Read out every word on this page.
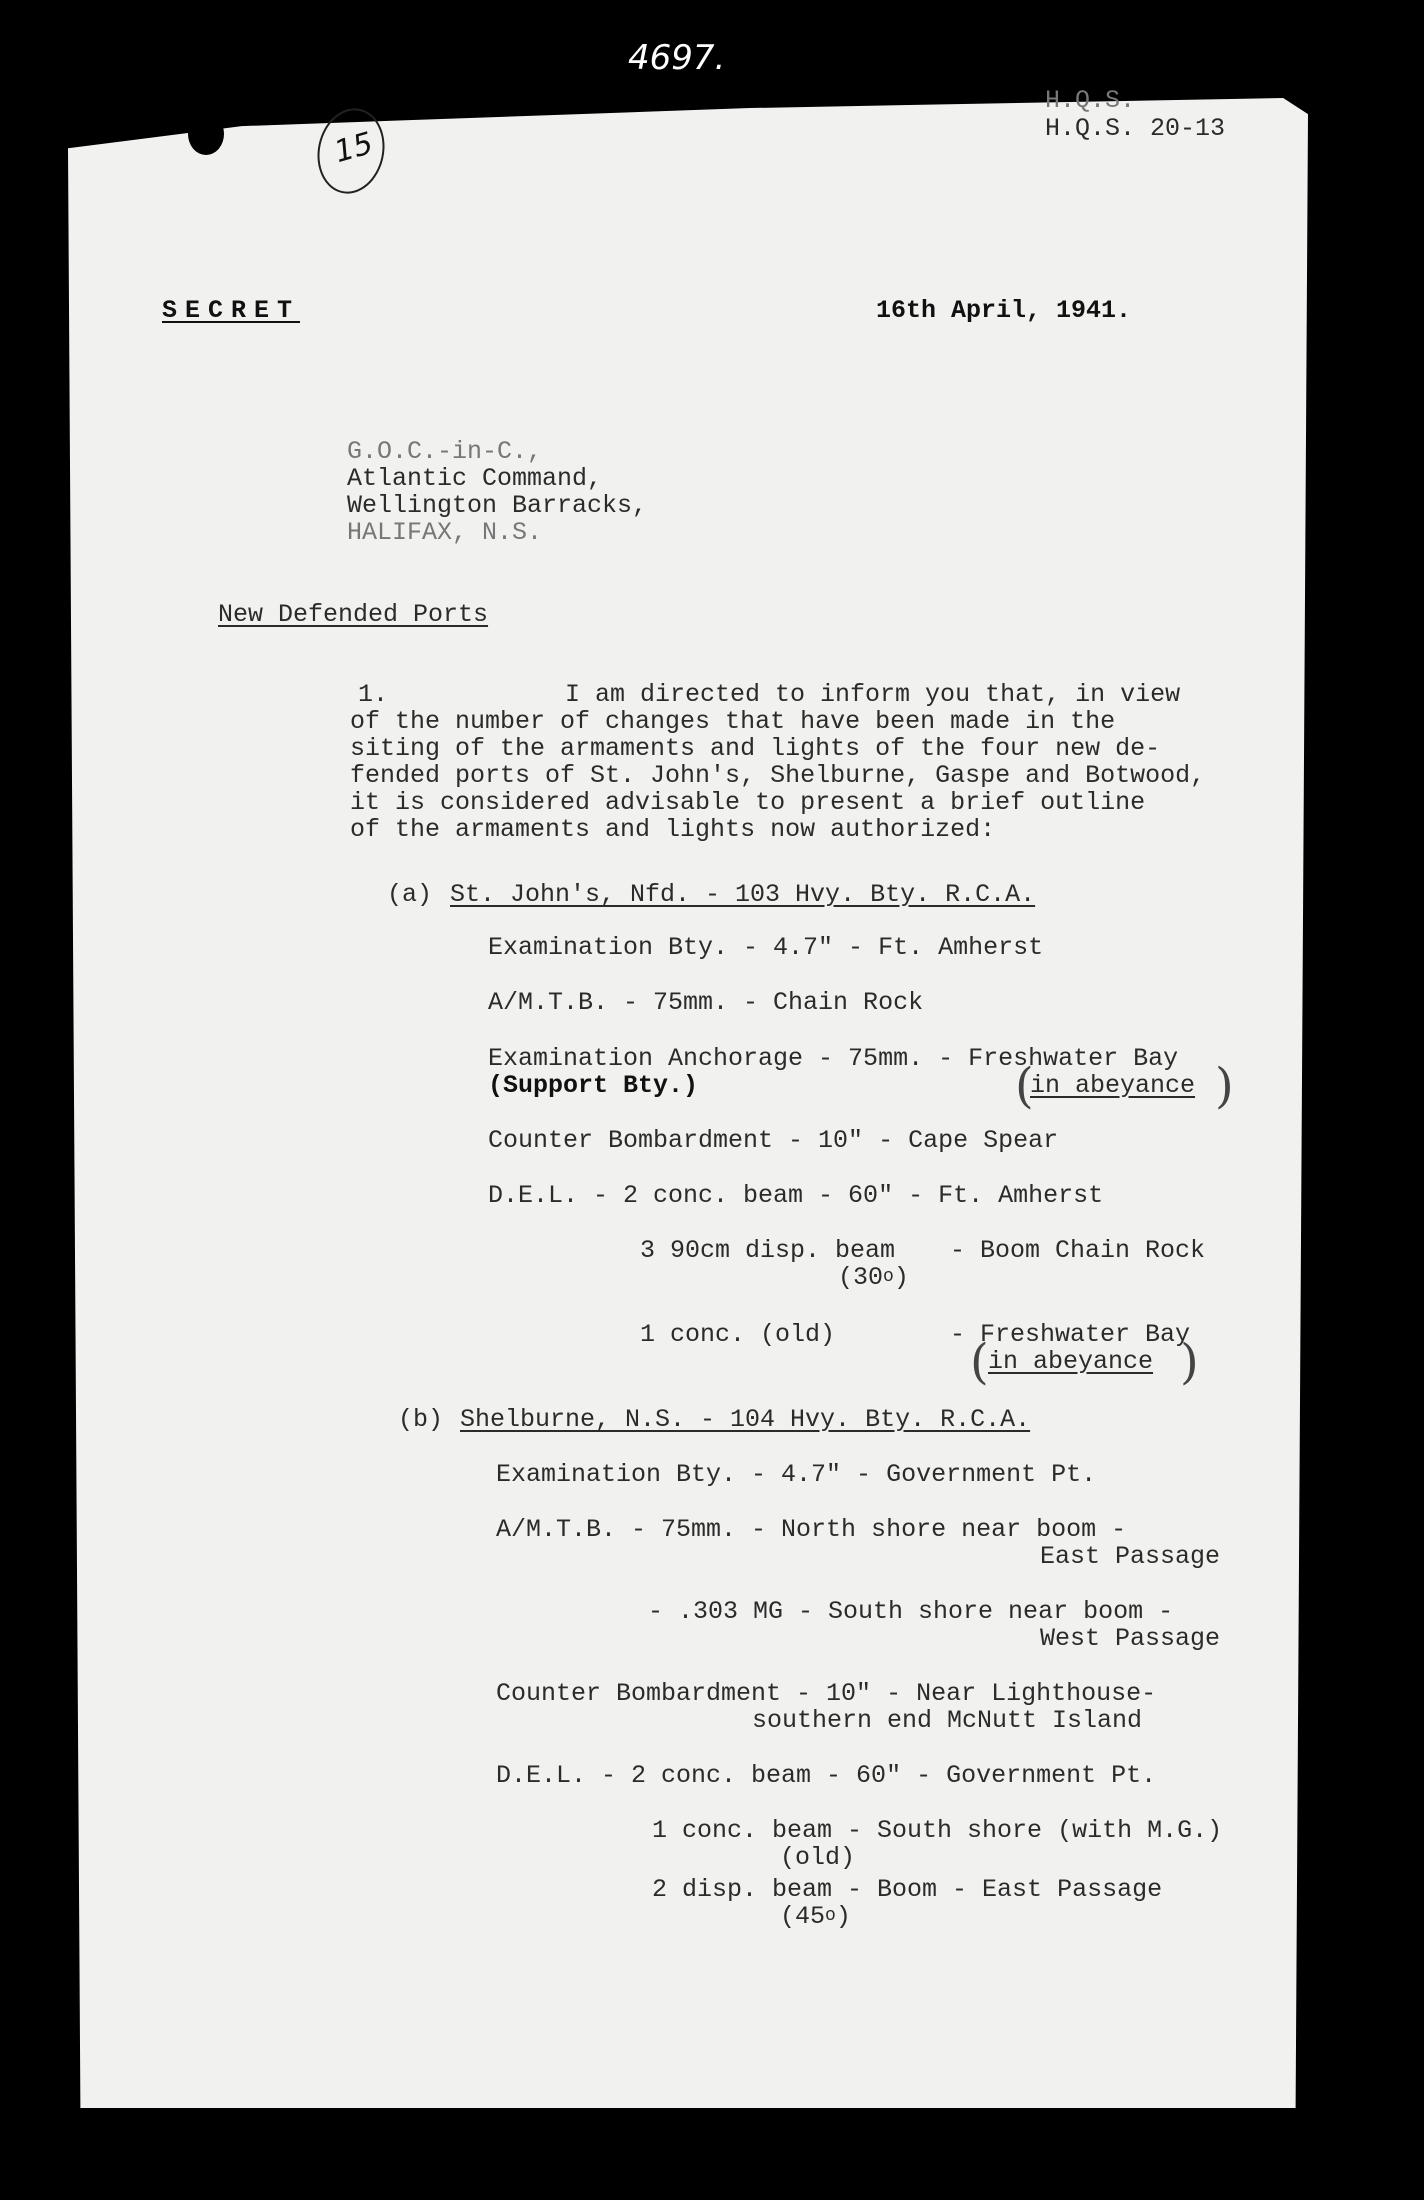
4697.
15
H.Q.S.
H.Q.S. 20-13
SECRET	16th April, 1941.
G.O.C.-in-C.,
Atlantic Command,
Wellington Barracks,
HALIFAX, N.S.
New Defended Ports
1.	I am directed to inform you that, in view
of the number of changes that have been made in the
siting of the armaments and lights of the four new de-
fended ports of St. John's, Shelburne, Gaspe and Botwood,
it is considered advisable to present a brief outline
of the armaments and lights now authorized:
(a) St. John's, Nfd. - 103 Hvy. Bty. R.C.A.
Examination Bty. - 4.7" - Ft. Amherst
A/M.T.B. - 75mm. - Chain Rock
Examination Anchorage - 75mm. - Freshwater Bay
(Support Bty.)	(
in abeyance )
Counter Bombardment - 10" - Cape Spear
D.E.L. - 2 conc. beam - 60" - Ft. Amherst
3 90cm disp. beam - Boom Chain Rock
(30$^o$)
1 conc. (old)	- Freshwater Bay
( in abeyance )
(b) Shelburne, N.S. - 104 Hvy. Bty. R.C.A.
Examination Bty. - 4.7" - Government Pt.
A/M.T.B. - 75mm. - North shore near boom -
East Passage
- .303 MG - South shore near boom -
West Passage
Counter Bombardment - 10" - Near Lighthouse-
southern end McNutt Island
D.E.L. - 2 conc. beam - 60" - Government Pt.
1 conc. beam - South shore (with M.G.)
(old)
2 disp. beam - Boom - East Passage
(45$^o$)
